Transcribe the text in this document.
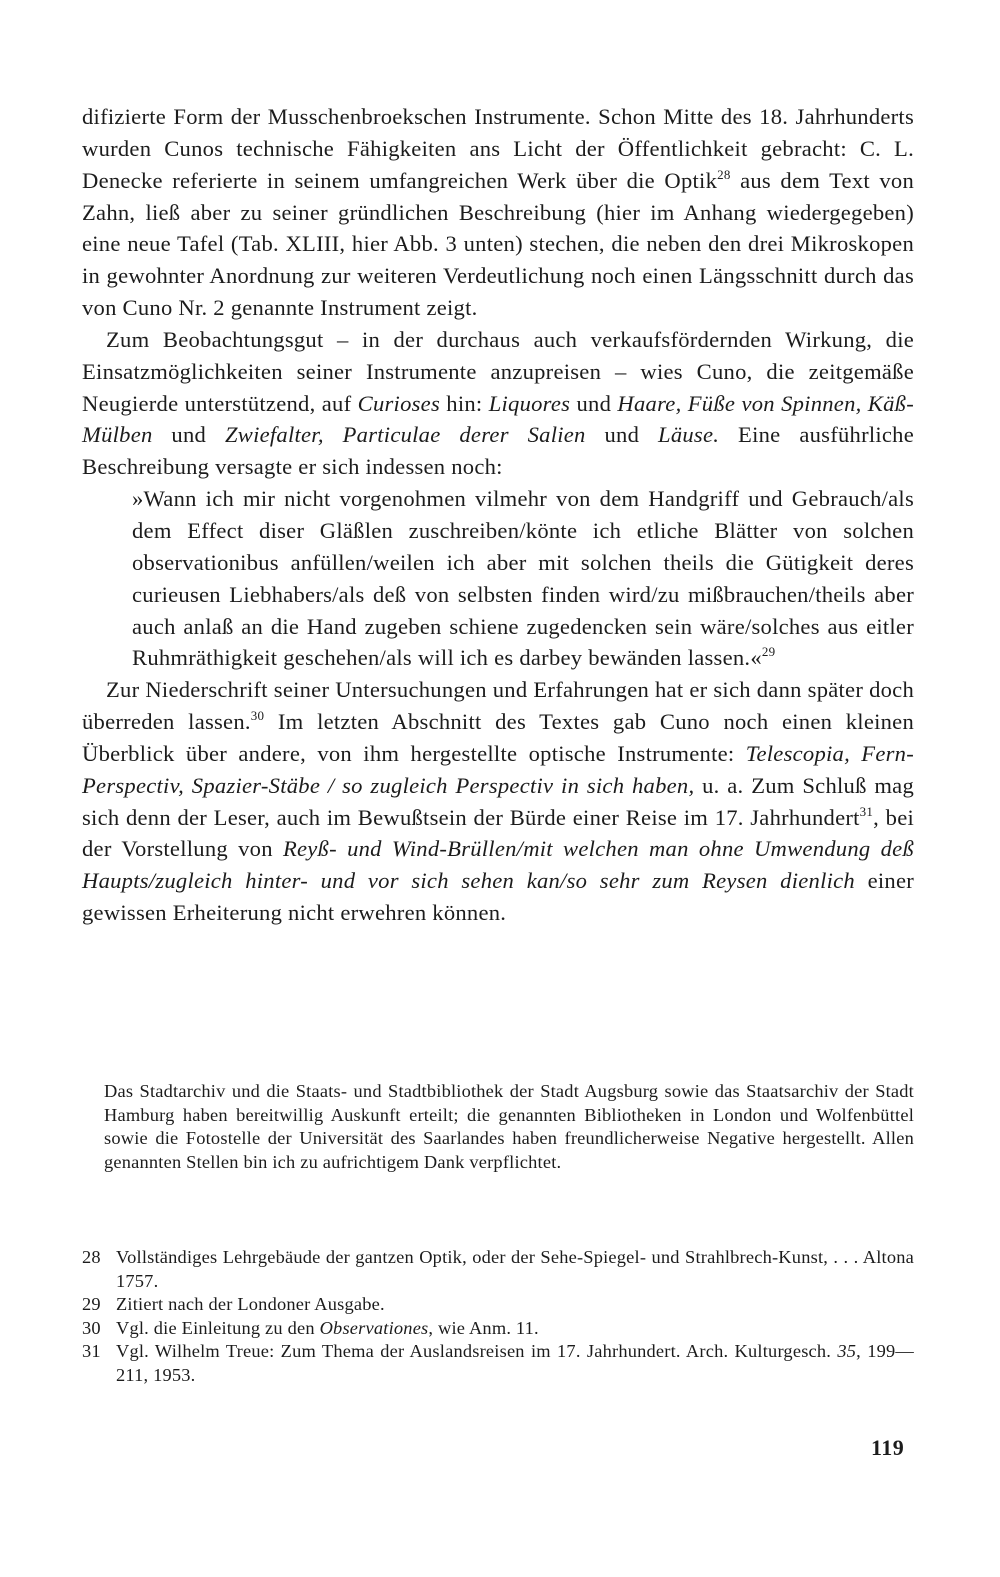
difizierte Form der Musschenbroekschen Instrumente. Schon Mitte des 18. Jahrhunderts wurden Cunos technische Fähigkeiten ans Licht der Öffentlichkeit gebracht: C. L. Denecke referierte in seinem umfangreichen Werk über die Optik$^{28}$ aus dem Text von Zahn, ließ aber zu seiner gründlichen Beschreibung (hier im Anhang wiedergegeben) eine neue Tafel (Tab. XLIII, hier Abb. 3 unten) stechen, die neben den drei Mikroskopen in gewohnter Anordnung zur weiteren Verdeutlichung noch einen Längsschnitt durch das von Cuno Nr. 2 genannte Instrument zeigt.

Zum Beobachtungsgut – in der durchaus auch verkaufsfördernden Wirkung, die Einsatzmöglichkeiten seiner Instrumente anzupreisen – wies Cuno, die zeitgemäße Neugierde unterstützend, auf Curioses hin: Liquores und Haare, Füße von Spinnen, Käß-Mülben und Zwiefalter, Particulae derer Salien und Läuse. Eine ausführliche Beschreibung versagte er sich indessen noch:

»Wann ich mir nicht vorgenohmen vilmehr von dem Handgriff und Gebrauch/als dem Effect diser Gläßlen zuschreiben/könte ich etliche Blätter von solchen observationibus anfüllen/weilen ich aber mit solchen theils die Gütigkeit deres curieusen Liebhabers/als deß von selbsten finden wird/zu mißbrauchen/theils aber auch anlaß an die Hand zugeben schiene zugedencken sein wäre/solches aus eitler Ruhmräthigkeit geschehen/als will ich es darbey bewänden lassen.«$^{29}$

Zur Niederschrift seiner Untersuchungen und Erfahrungen hat er sich dann später doch überreden lassen.$^{30}$ Im letzten Abschnitt des Textes gab Cuno noch einen kleinen Überblick über andere, von ihm hergestellte optische Instrumente: Telescopia, Fern-Perspectiv, Spazier-Stäbe / so zugleich Perspectiv in sich haben, u. a. Zum Schluß mag sich denn der Leser, auch im Bewußtsein der Bürde einer Reise im 17. Jahrhundert$^{31}$, bei der Vorstellung von Reyß- und Wind-Brüllen/mit welchen man ohne Umwendung deß Haupts/zugleich hinter- und vor sich sehen kan/so sehr zum Reysen dienlich einer gewissen Erheiterung nicht erwehren können.

Das Stadtarchiv und die Staats- und Stadtbibliothek der Stadt Augsburg sowie das Staatsarchiv der Stadt Hamburg haben bereitwillig Auskunft erteilt; die genannten Bibliotheken in London und Wolfenbüttel sowie die Fotostelle der Universität des Saarlandes haben freundlicherweise Negative hergestellt. Allen genannten Stellen bin ich zu aufrichtigem Dank verpflichtet.

28 Vollständiges Lehrgebäude der gantzen Optik, oder der Sehe-Spiegel- und Strahlbrech-Kunst, . . . Altona 1757.

29 Zitiert nach der Londoner Ausgabe.

30 Vgl. die Einleitung zu den Observationes, wie Anm. 11.

31 Vgl. Wilhelm Treue: Zum Thema der Auslandsreisen im 17. Jahrhundert. Arch. Kulturgesch. 35, 199—211, 1953.

119
